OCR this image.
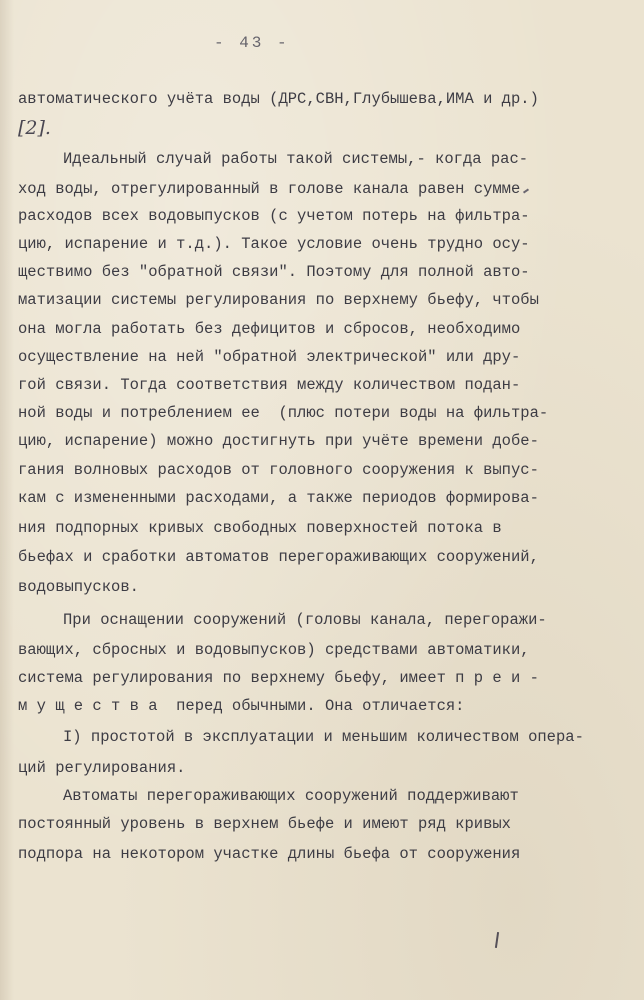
- 43 -
автоматического учёта воды (ДРС,СВН,Глубышева,ИМА и др.)
[2].
Идеальный случай работы такой системы,- когда рас-
ход воды, отрегулированный в голове канала равен сумме
расходов всех водовыпусков (с учетом потерь на фильтра-
цию, испарение и т.д.). Такое условие очень трудно осу-
ществимо без "обратной связи". Поэтому для полной авто-
матизации системы регулирования по верхнему бьефу, чтобы
она могла работать без дефицитов и сбросов, необходимо
осуществление на ней "обратной электрической" или дру-
гой связи. Тогда соответствия между количеством подан-
ной воды и потреблением ее  (плюс потери воды на фильтра-
цию, испарение) можно достигнуть при учёте времени добе-
гания волновых расходов от головного сооружения к выпус-
кам с измененными расходами, а также периодов формирова-
ния подпорных кривых свободных поверхностей потока в
бьефах и сработки автоматов перегораживающих сооружений,
водовыпусков.
При оснащении сооружений (головы канала, перегоражи-
вающих, сбросных и водовыпусков) средствами автоматики,
система регулирования по верхнему бьефу, имеет п р е и -
м у щ е с т в а  перед обычными. Она отличается:
I) простотой в эксплуатации и меньшим количеством опера-
ций регулирования.
Автоматы перегораживающих сооружений поддерживают
постоянный уровень в верхнем бьефе и имеют ряд кривых
подпора на некотором участке длины бьефа от сооружения
